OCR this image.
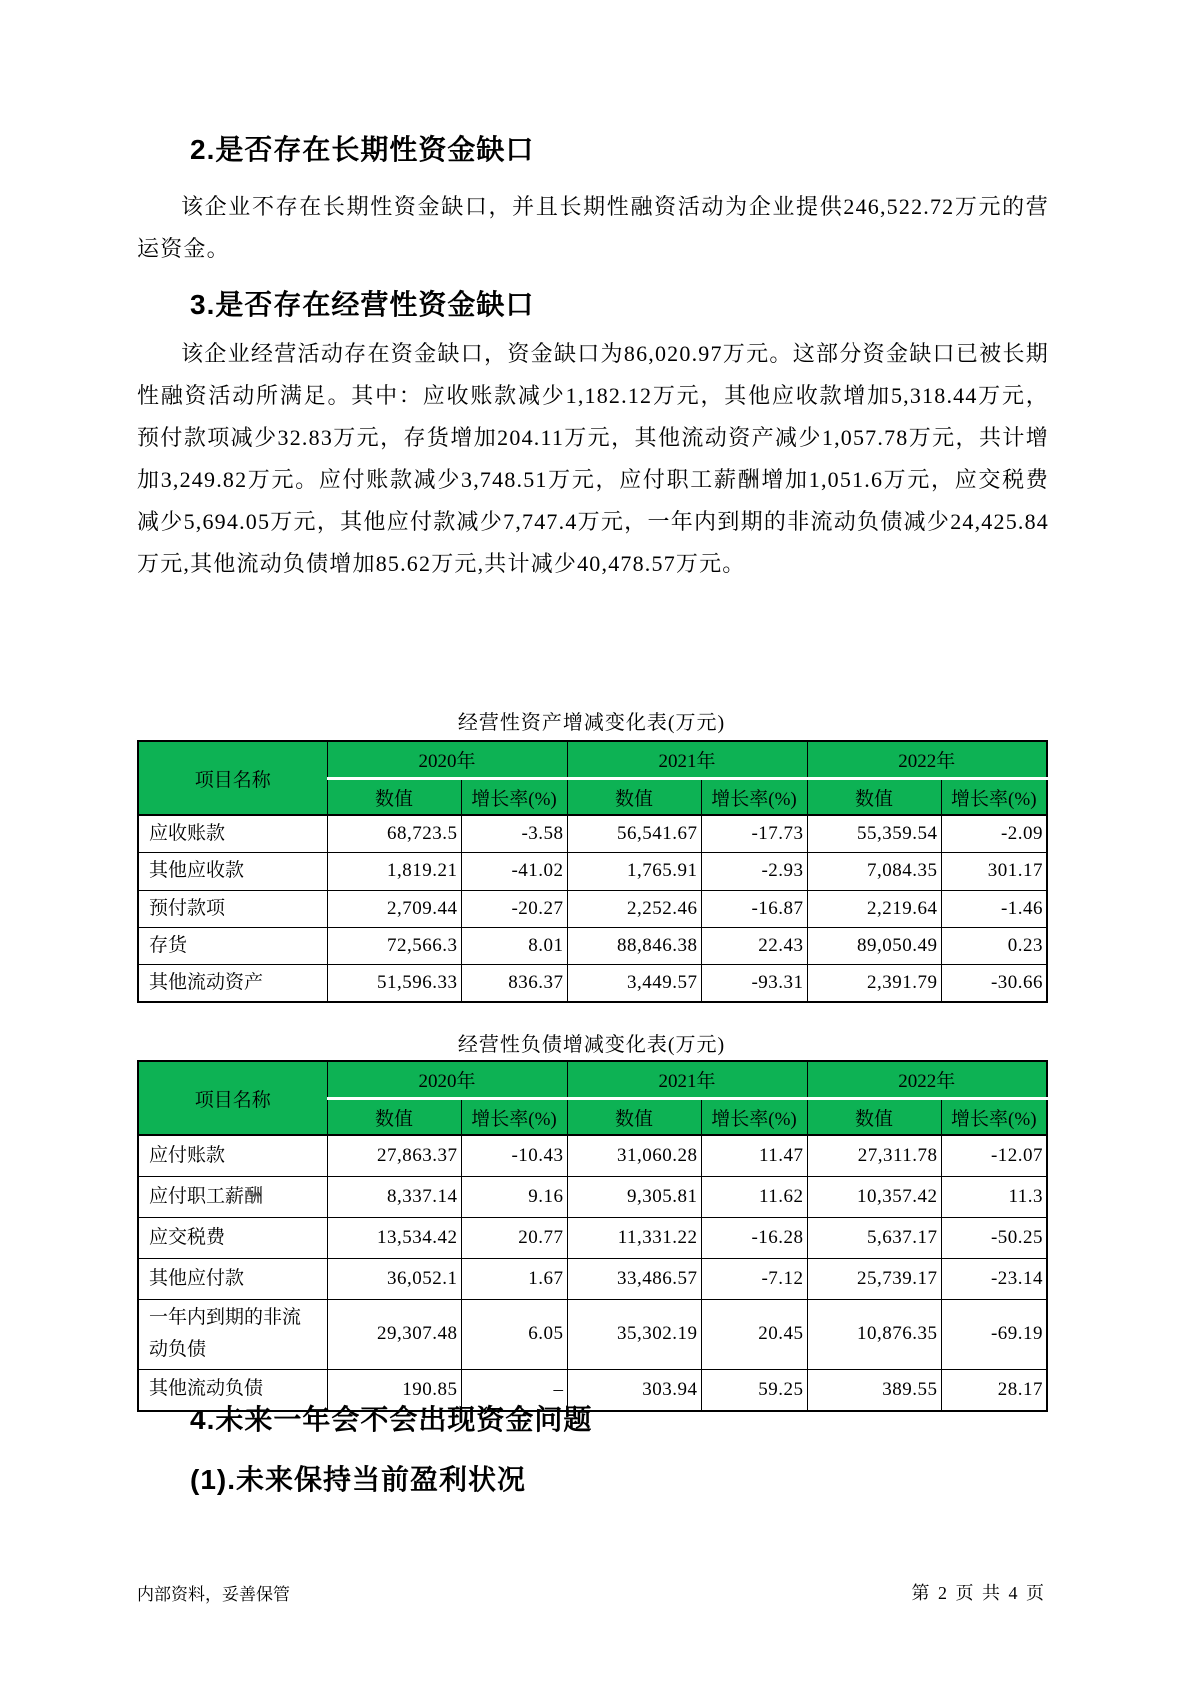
2.是否存在长期性资金缺口
该企业不存在长期性资金缺口，并且长期性融资活动为企业提供246,522.72万元的营运资金。
3.是否存在经营性资金缺口
该企业经营活动存在资金缺口，资金缺口为86,020.97万元。这部分资金缺口已被长期性融资活动所满足。其中：应收账款减少1,182.12万元，其他应收款增加5,318.44万元，预付款项减少32.83万元，存货增加204.11万元，其他流动资产减少1,057.78万元，共计增加3,249.82万元。应付账款减少3,748.51万元，应付职工薪酬增加1,051.6万元，应交税费减少5,694.05万元，其他应付款减少7,747.4万元，一年内到期的非流动负债减少24,425.84万元,其他流动负债增加85.62万元,共计减少40,478.57万元。
经营性资产增减变化表(万元)
项目名称	2020年		2021年		2022年	
	数值	增长率(%)	数值	增长率(%)	数值	增长率(%)
应收账款	68,723.5	-3.58	56,541.67	-17.73	55,359.54	-2.09
其他应收款	1,819.21	-41.02	1,765.91	-2.93	7,084.35	301.17
预付款项	2,709.44	-20.27	2,252.46	-16.87	2,219.64	-1.46
存货	72,566.3	8.01	88,846.38	22.43	89,050.49	0.23
其他流动资产	51,596.33	836.37	3,449.57	-93.31	2,391.79	-30.66
经营性负债增减变化表(万元)
项目名称	2020年		2021年		2022年	
	数值	增长率(%)	数值	增长率(%)	数值	增长率(%)
应付账款	27,863.37	-10.43	31,060.28	11.47	27,311.78	-12.07
应付职工薪酬	8,337.14	9.16	9,305.81	11.62	10,357.42	11.3
应交税费	13,534.42	20.77	11,331.22	-16.28	5,637.17	-50.25
其他应付款	36,052.1	1.67	33,486.57	-7.12	25,739.17	-23.14
一年内到期的非流动负债	29,307.48	6.05	35,302.19	20.45	10,876.35	-69.19
其他流动负债	190.85	–	303.94	59.25	389.55	28.17
4.未来一年会不会出现资金问题
(1).未来保持当前盈利状况
内部资料，妥善保管	第 2 页 共 4 页
